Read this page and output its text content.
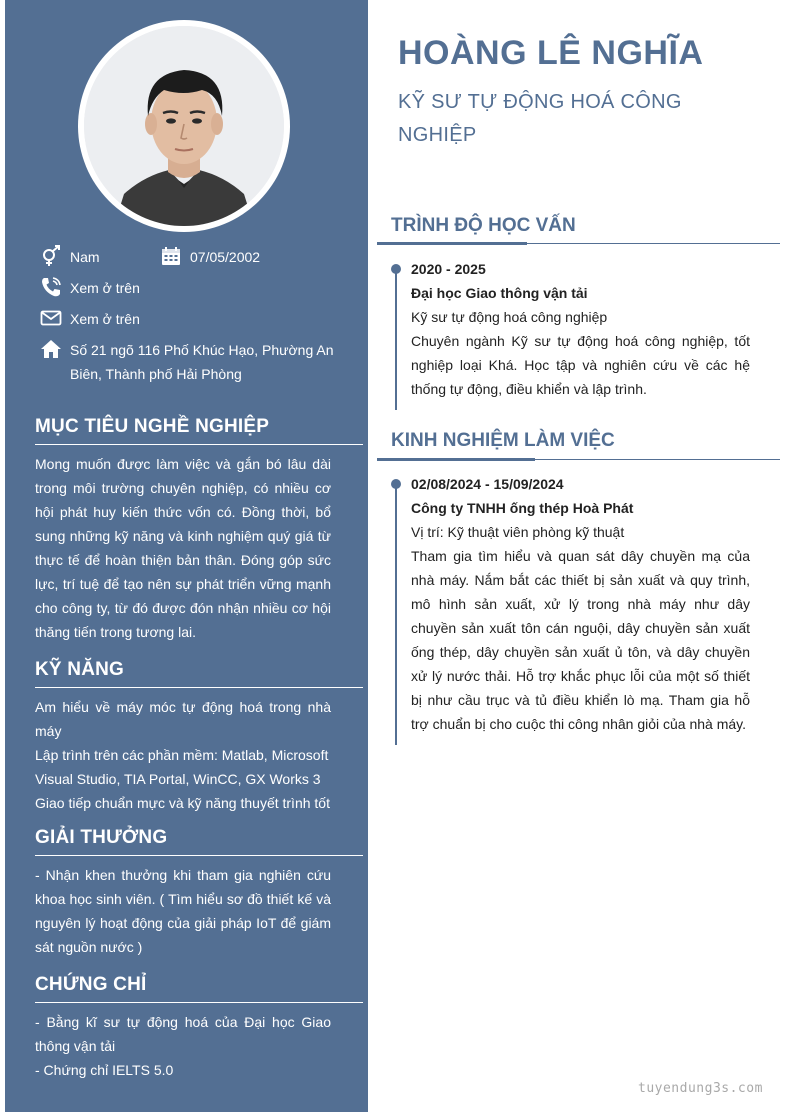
Nam	07/05/2002
Xem ở trên
Xem ở trên
Số 21 ngõ 116 Phố Khúc Hạo, Phường An Biên, Thành phố Hải Phòng
MỤC TIÊU NGHỀ NGHIỆP
Mong muốn được làm việc và gắn bó lâu dài trong môi trường chuyên nghiệp, có nhiều cơ hội phát huy kiến thức vốn có. Đồng thời, bổ sung những kỹ năng và kinh nghiệm quý giá từ thực tế để hoàn thiện bản thân. Đóng góp sức lực, trí tuệ để tạo nên sự phát triển vững mạnh cho công ty, từ đó được đón nhận nhiều cơ hội thăng tiến trong tương lai.
KỸ NĂNG

Am hiểu về máy móc tự động hoá trong nhà máy

Lập trình trên các phần mềm: Matlab, Microsoft Visual Studio, TIA Portal, WinCC, GX Works 3

Giao tiếp chuẩn mực và kỹ năng thuyết trình tốt

GIẢI THƯỞNG
- Nhận khen thưởng khi tham gia nghiên cứu khoa học sinh viên. ( Tìm hiểu sơ đồ thiết kế và nguyên lý hoạt động của giải pháp IoT để giám sát nguồn nước )
CHỨNG CHỈ

- Bằng kĩ sư tự động hoá của Đại học Giao thông vận tải

- Chứng chỉ IELTS 5.0

HOÀNG LÊ NGHĨA
KỸ SƯ TỰ ĐỘNG HOÁ CÔNG NGHIỆP
TRÌNH ĐỘ HỌC VẤN
2020 - 2025
Đại học Giao thông vận tải
Kỹ sư tự động hoá công nghiệp
Chuyên ngành Kỹ sư tự động hoá công nghiệp, tốt nghiệp loại Khá. Học tập và nghiên cứu về các hệ thống tự động, điều khiển và lập trình.
KINH NGHIỆM LÀM VIỆC
02/08/2024 - 15/09/2024
Công ty TNHH ống thép Hoà Phát
Vị trí: Kỹ thuật viên phòng kỹ thuật
Tham gia tìm hiểu và quan sát dây chuyền mạ của nhà máy. Nắm bắt các thiết bị sản xuất và quy trình, mô hình sản xuất, xử lý trong nhà máy như dây chuyền sản xuất tôn cán nguội, dây chuyền sản xuất ống thép, dây chuyền sản xuất ủ tôn, và dây chuyền xử lý nước thải. Hỗ trợ khắc phục lỗi của một số thiết bị như cầu trục và tủ điều khiển lò mạ. Tham gia hỗ trợ chuẩn bị cho cuộc thi công nhân giỏi của nhà máy.
tuyendung3s.com
